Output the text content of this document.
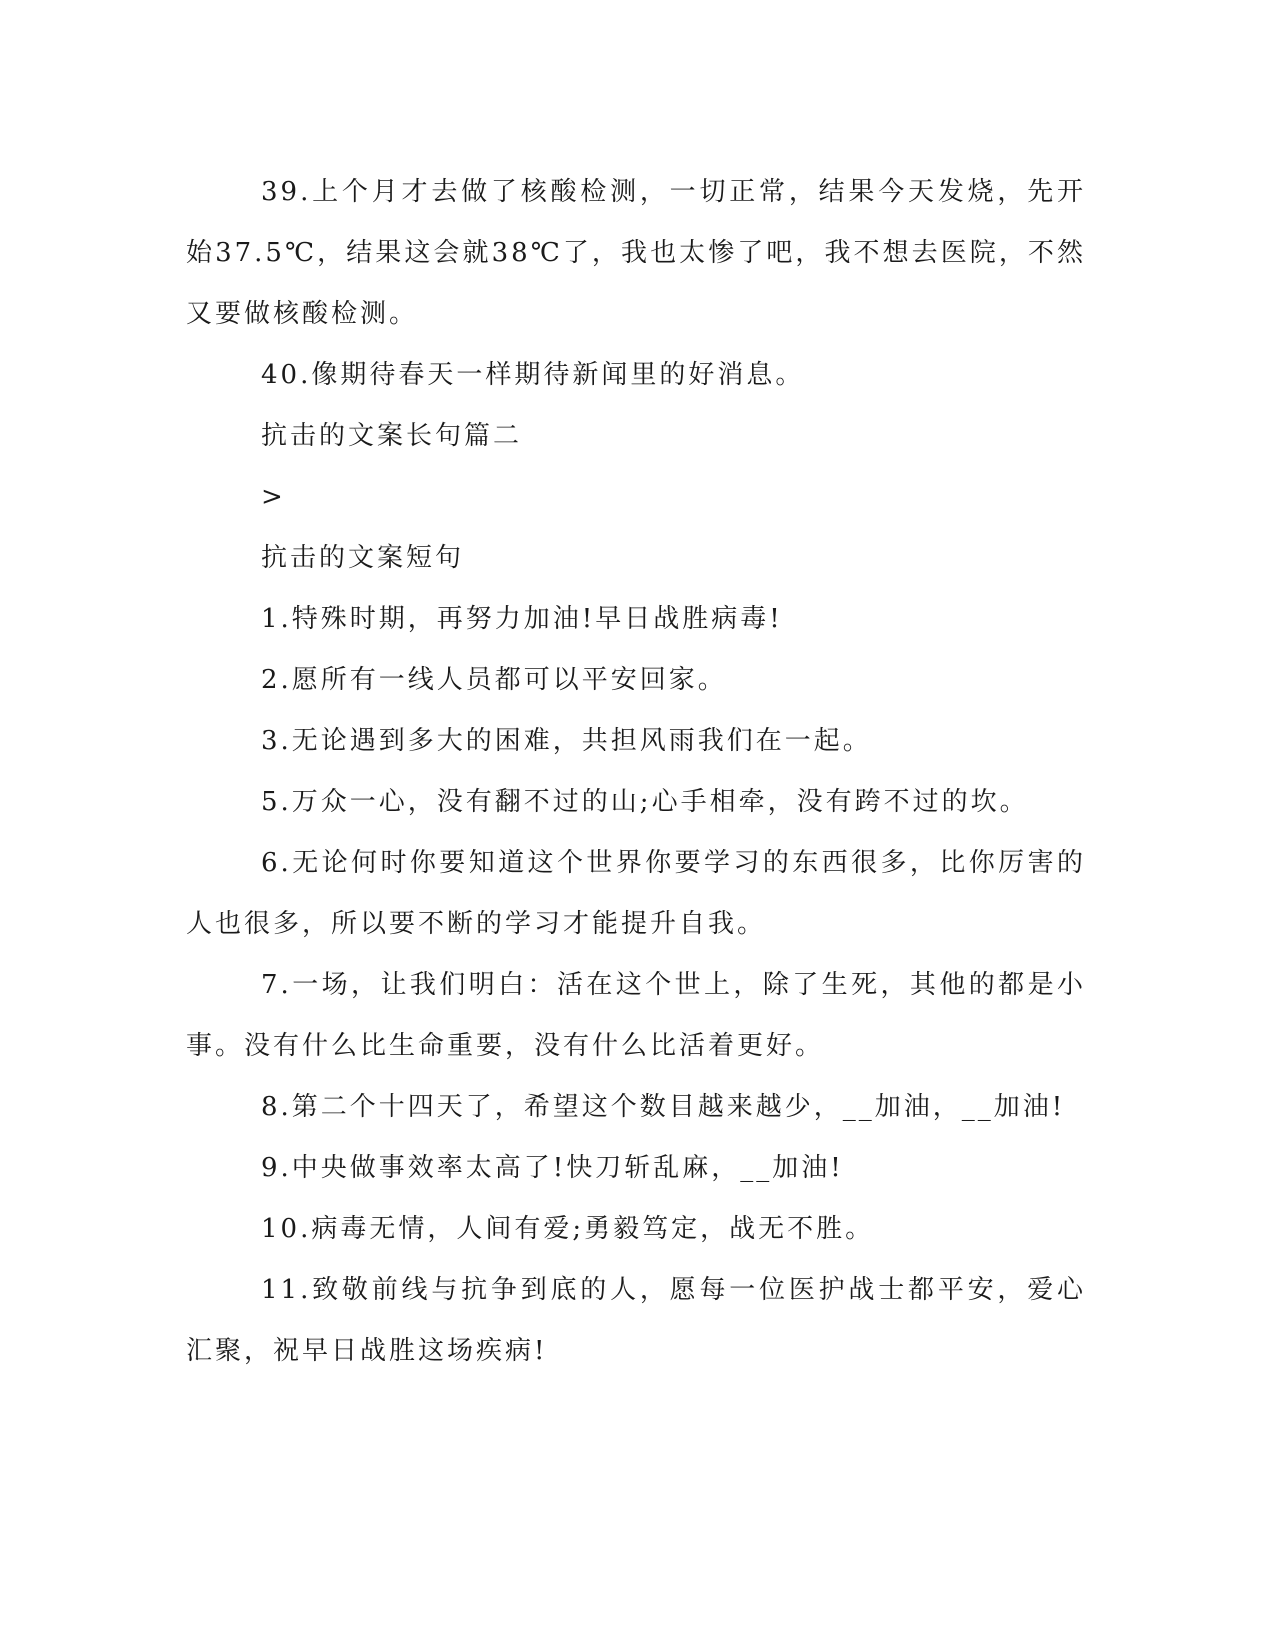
39.上个月才去做了核酸检测，一切正常，结果今天发烧，先开始37.5℃，结果这会就38℃了，我也太惨了吧，我不想去医院，不然又要做核酸检测。

40.像期待春天一样期待新闻里的好消息。

抗击的文案长句篇二

>

抗击的文案短句

1.特殊时期，再努力加油!早日战胜病毒!

2.愿所有一线人员都可以平安回家。

3.无论遇到多大的困难，共担风雨我们在一起。

5.万众一心，没有翻不过的山;心手相牵，没有跨不过的坎。

6.无论何时你要知道这个世界你要学习的东西很多，比你厉害的人也很多，所以要不断的学习才能提升自我。

7.一场，让我们明白：活在这个世上，除了生死，其他的都是小事。没有什么比生命重要，没有什么比活着更好。

8.第二个十四天了，希望这个数目越来越少，__加油，__加油!

9.中央做事效率太高了!快刀斩乱麻，__加油!

10.病毒无情，人间有爱;勇毅笃定，战无不胜。

11.致敬前线与抗争到底的人，愿每一位医护战士都平安，爱心汇聚，祝早日战胜这场疾病!
